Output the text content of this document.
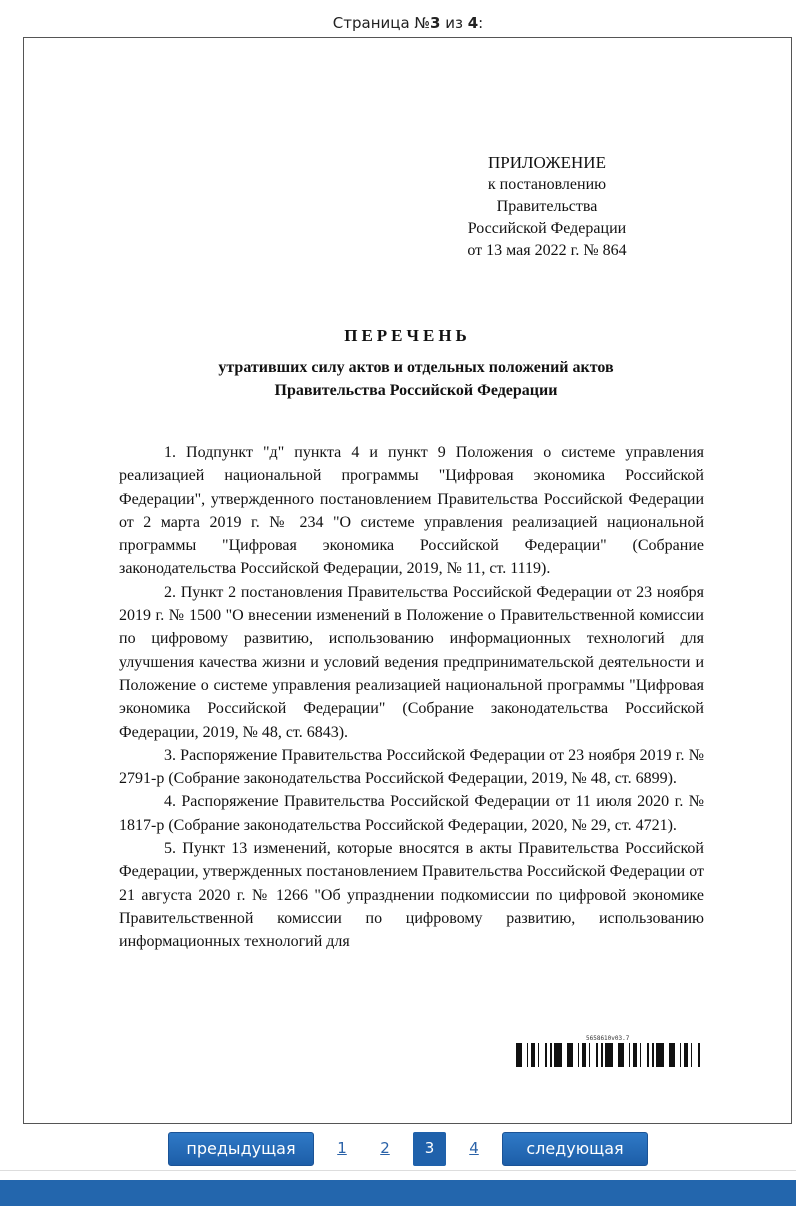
Страница №3 из 4:
ПРИЛОЖЕНИЕ
к постановлению Правительства
Российской Федерации
от 13 мая 2022 г. № 864
ПЕРЕЧЕНЬ
утративших силу актов и отдельных положений актов
Правительства Российской Федерации

1. Подпункт "д" пункта 4 и пункт 9 Положения о системе управления реализацией национальной программы "Цифровая экономика Российской Федерации", утвержденного постановлением Правительства Российской Федерации от 2 марта 2019 г. № 234 "О системе управления реализацией национальной программы "Цифровая экономика Российской Федерации" (Собрание законодательства Российской Федерации, 2019, № 11, ст. 1119).

2. Пункт 2 постановления Правительства Российской Федерации от 23 ноября 2019 г. № 1500 "О внесении изменений в Положение о Правительственной комиссии по цифровому развитию, использованию информационных технологий для улучшения качества жизни и условий ведения предпринимательской деятельности и Положение о системе управления реализацией национальной программы "Цифровая экономика Российской Федерации" (Собрание законодательства Российской Федерации, 2019, № 48, ст. 6843).

3. Распоряжение Правительства Российской Федерации от 23 ноября 2019 г. № 2791-р (Собрание законодательства Российской Федерации, 2019, № 48, ст. 6899).

4. Распоряжение Правительства Российской Федерации от 11 июля 2020 г. № 1817-р (Собрание законодательства Российской Федерации, 2020, № 29, ст. 4721).

5. Пункт 13 изменений, которые вносятся в акты Правительства Российской Федерации, утвержденных постановлением Правительства Российской Федерации от 21 августа 2020 г. № 1266 "Об упразднении подкомиссии по цифровой экономике Правительственной комиссии по цифровому развитию, использованию информационных технологий для

5658610v03.7
предыдущая	1	2	3	4	следующая
